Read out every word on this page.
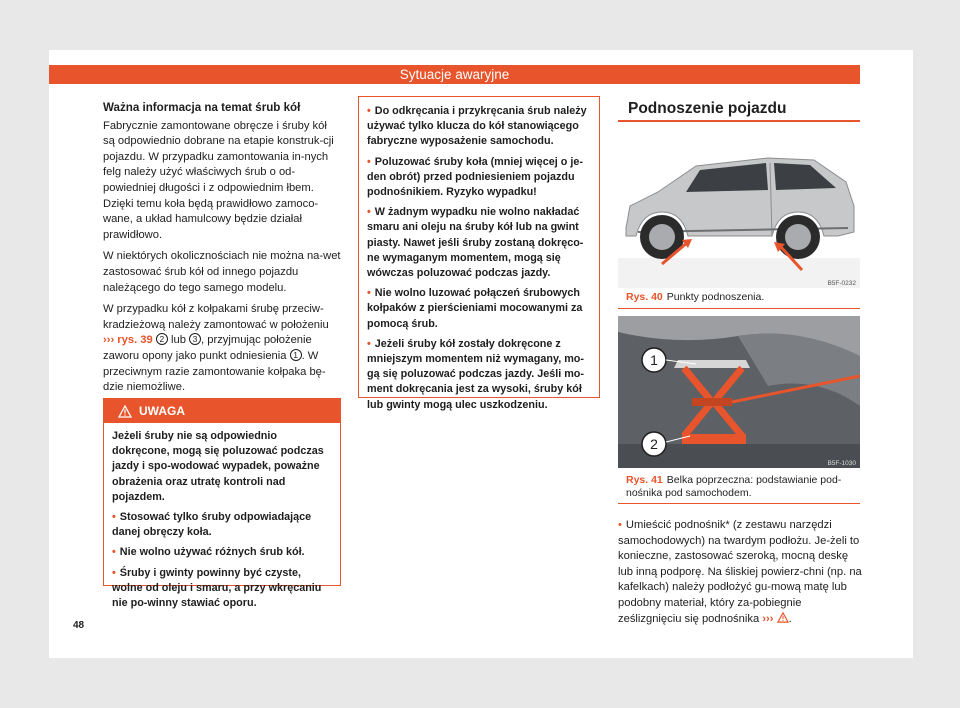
Sytuacje awaryjne
Ważna informacja na temat śrub kół

Fabrycznie zamontowane obręcze i śruby kół są odpowiednio dobrane na etapie konstruk-cji pojazdu. W przypadku zamontowania in-nych felg należy użyć właściwych śrub o od-powiedniej długości i z odpowiednim łbem. Dzięki temu koła będą prawidłowo zamoco-wane, a układ hamulcowy będzie działał prawidłowo.

W niektórych okolicznościach nie można na-wet zastosować śrub kół od innego pojazdu należącego do tego samego modelu.

W przypadku kół z kołpakami śrubę przeciw-kradzieżową należy zamontować w położeniu ››› rys. 39 2 lub 3 , przyjmując położenie zaworu opony jako punkt odniesienia 1 . W przeciwnym razie zamontowanie kołpaka bę-dzie niemożliwe.

UWAGA

Jeżeli śruby nie są odpowiednio dokręcone, mogą się poluzować podczas jazdy i spo-wodować wypadek, poważne obrażenia oraz utratę kontroli nad pojazdem.

• Stosować tylko śruby odpowiadające danej obręczy koła.

• Nie wolno używać różnych śrub kół.

• Śruby i gwinty powinny być czyste, wolne od oleju i smaru, a przy wkręcaniu nie po-winny stawiać oporu.

• Do odkręcania i przykręcania śrub należy używać tylko klucza do kół stanowiącego fabryczne wyposażenie samochodu.

• Poluzować śruby koła (mniej więcej o je-den obrót) przed podniesieniem pojazdu podnośnikiem. Ryzyko wypadku!

• W żadnym wypadku nie wolno nakładać smaru ani oleju na śruby kół lub na gwint piasty. Nawet jeśli śruby zostaną dokręco-ne wymaganym momentem, mogą się wówczas poluzować podczas jazdy.

• Nie wolno luzować połączeń śrubowych kołpaków z pierścieniami mocowanymi za pomocą śrub.

• Jeżeli śruby kół zostały dokręcone z mniejszym momentem niż wymagany, mo-gą się poluzować podczas jazdy. Jeśli mo-ment dokręcania jest za wysoki, śruby kół lub gwinty mogą ulec uszkodzeniu.

Podnoszenie pojazdu
B5F-0232
Rys. 40 Punkty podnoszenia.
1
2
B5F-1030
Rys. 41 Belka poprzeczna: podstawianie pod-nośnika pod samochodem.
• Umieścić podnośnik* (z zestawu narzędzi samochodowych) na twardym podłożu. Je-żeli to konieczne, zastosować szeroką, mocną deskę lub inną podporę. Na śliskiej powierz-chni (np. na kafelkach) należy podłożyć gu-mową matę lub podobny materiał, który za-pobiegnie ześlizgnięciu się podnośnika ››› .
48
